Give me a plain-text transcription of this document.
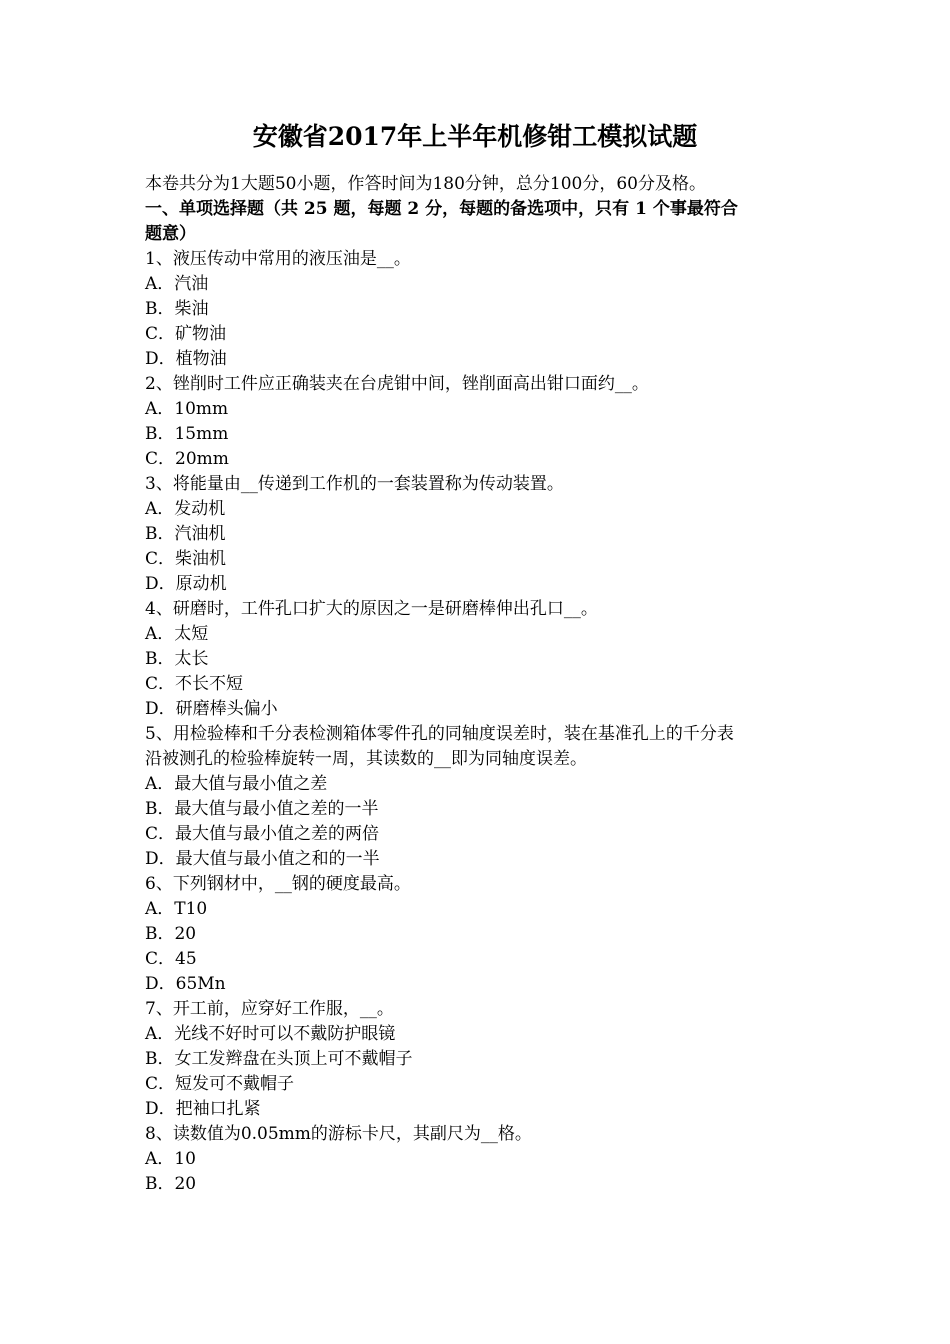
安徽省2017年上半年机修钳工模拟试题
本卷共分为1大题50小题，作答时间为180分钟，总分100分，60分及格。
一、单项选择题（共 25 题，每题 2 分，每题的备选项中，只有 1 个事最符合
题意）
1、液压传动中常用的液压油是__。
A．汽油
B．柴油
C．矿物油
D．植物油
2、锉削时工件应正确装夹在台虎钳中间，锉削面高出钳口面约__。
A．10mm
B．15mm
C．20mm
3、将能量由__传递到工作机的一套装置称为传动装置。
A．发动机
B．汽油机
C．柴油机
D．原动机
4、研磨时，工件孔口扩大的原因之一是研磨棒伸出孔口__。
A．太短
B．太长
C．不长不短
D．研磨棒头偏小
5、用检验棒和千分表检测箱体零件孔的同轴度误差时，装在基准孔上的千分表
沿被测孔的检验棒旋转一周，其读数的__即为同轴度误差。
A．最大值与最小值之差
B．最大值与最小值之差的一半
C．最大值与最小值之差的两倍
D．最大值与最小值之和的一半
6、下列钢材中，__钢的硬度最高。
A．T10
B．20
C．45
D．65Mn
7、开工前，应穿好工作服，__。
A．光线不好时可以不戴防护眼镜
B．女工发辫盘在头顶上可不戴帽子
C．短发可不戴帽子
D．把袖口扎紧
8、读数值为0.05mm的游标卡尺，其副尺为__格。
A．10
B．20
